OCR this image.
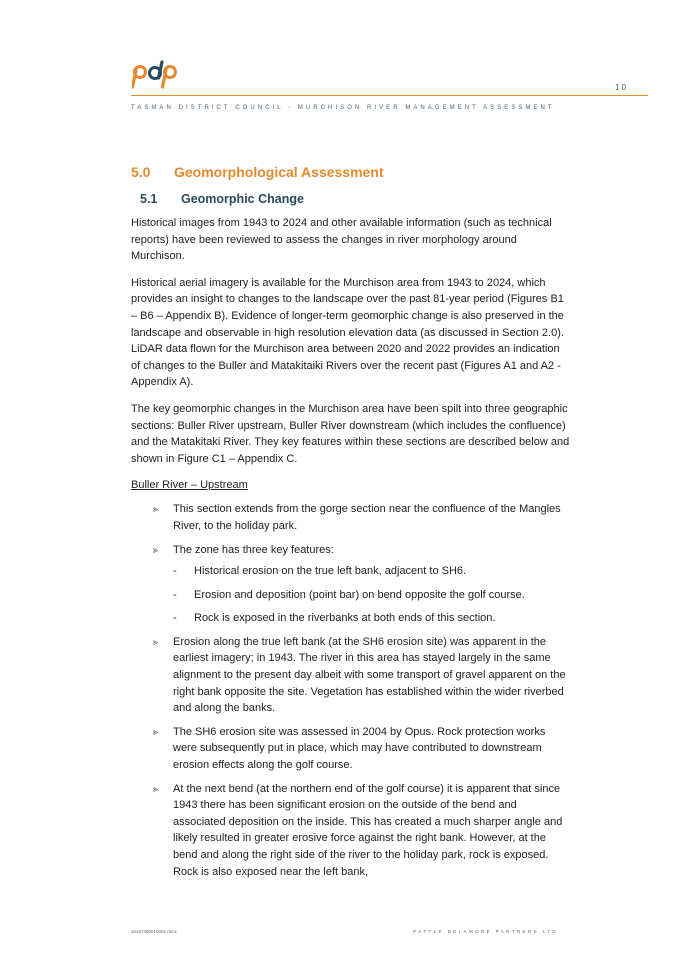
10
TASMAN DISTRICT COUNCIL - MURCHISON RIVER MANAGEMENT ASSESSMENT
5.0	Geomorphological Assessment
5.1	Geomorphic Change

Historical images from 1943 to 2024 and other available information (such as technical reports) have been reviewed to assess the changes in river morphology around Murchison.

Historical aerial imagery is available for the Murchison area from 1943 to 2024, which provides an insight to changes to the landscape over the past 81-year period (Figures B1 – B6 – Appendix B). Evidence of longer-term geomorphic change is also preserved in the landscape and observable in high resolution elevation data (as discussed in Section 2.0). LiDAR data flown for the Murchison area between 2020 and 2022 provides an indication of changes to the Buller and Matakitaiki Rivers over the recent past (Figures A1 and A2 - Appendix A).

The key geomorphic changes in the Murchison area have been spilt into three geographic sections: Buller River upstream, Buller River downstream (which includes the confluence) and the Matakitaki River. They key features within these sections are described below and shown in Figure C1 – Appendix C.

Buller River – Upstream
⪢ This section extends from the gorge section near the confluence of the Mangles River, to the holiday park.
⪢ The zone has three key features:
- Historical erosion on the true left bank, adjacent to SH6.
- Erosion and deposition (point bar) on bend opposite the golf course.
- Rock is exposed in the riverbanks at both ends of this section.
⪢ Erosion along the true left bank (at the SH6 erosion site) was apparent in the earliest imagery; in 1943. The river in this area has stayed largely in the same alignment to the present day albeit with some transport of gravel apparent on the right bank opposite the site. Vegetation has established within the wider riverbed and along the banks.
⪢ The SH6 erosion site was assessed in 2004 by Opus. Rock protection works were subsequently put in place, which may have contributed to downstream erosion effects along the golf course.
⪢ At the next bend (at the northern end of the golf course) it is apparent that since 1943 there has been significant erosion on the outside of the bend and associated deposition on the inside. This has created a much sharper angle and likely resulted in greater erosive force against the right bank. However, at the bend and along the right side of the river to the holiday park, rock is exposed. Rock is also exposed near the left bank,
10157400010001.docx	PATTLE DELAMORE PARTNERS LTD
